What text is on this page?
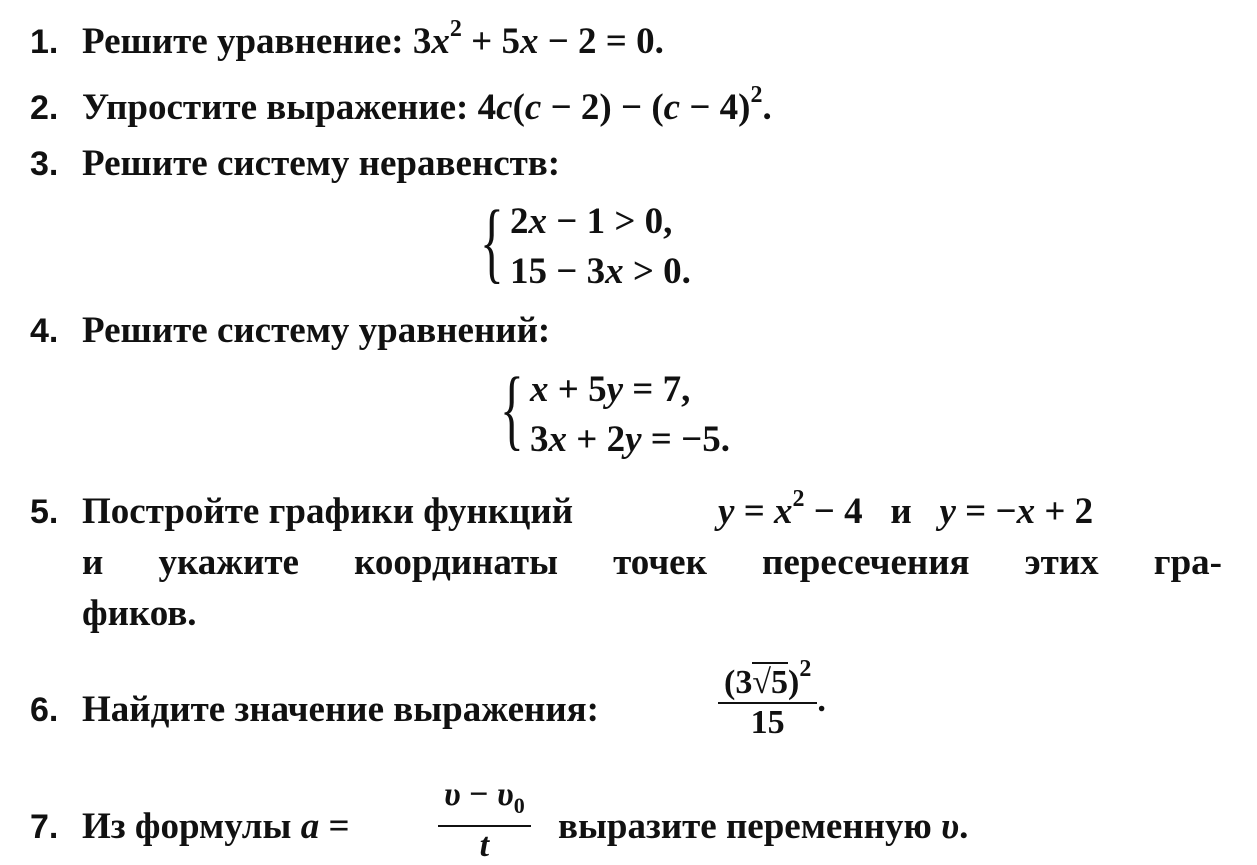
1. Решите уравнение: $3x^2 + 5x - 2 = 0$.
2. Упростите выражение: $4c(c - 2) - (c - 4)^2$.
3. Решите систему неравенств:
{ 2x − 1 > 0,
15 − 3x > 0.
4. Решите систему уравнений:
{ x + 5y = 7,
3x + 2y = −5.
5. Постройте графики функций	$y = x^2 - 4$ и y = −x + 2
и укажите координаты точек пересечения этих гра-
фиков.
6. Найдите значение выражения:	$\frac{(3√5)^2}{15}$ .
7. Из формулы a =	$\frac{\upsilon - \upsilon_0}{t}$ выразите переменную υ.
